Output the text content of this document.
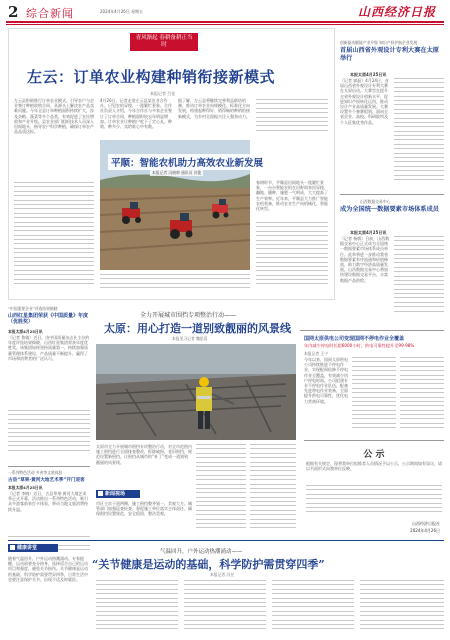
2 综合新闻	2024年4月26日 星期五	山西经济日报
青风渐起 春耕备耕正当时
左云：订单农业构建种销衔接新模式
本报记者 吕佳
左云县积极推行订单农业模式，引导农户与企业签订种植收购合同，从源头上解决农产品卖难问题。今年全县订单种植面积持续扩大，涉及杂粮、蔬菜等多个品类，有效促进了农民增收和产业升级。县农业部门组织技术人员深入田间地头，指导农户科学种植，确保订单农产品品质达标。
4月26日，记者走进左云县某农业合作社，只见农机穿梭，一派繁忙景象。合作社负责人介绍，今年合作社与多家企业签订了订单合同，种植面积较去年明显增加。订单农业让种植户吃下了定心丸，种啥、种多少、卖给谁心中有数。
据了解，左云县将继续完善利益联结机制，推动订单农业向规模化、标准化方向发展，构建起种得好、销得畅的种销衔接新模式，为乡村全面振兴注入强劲动力。
平顺：智能农机助力高效农业新发展
本报记者 冯晓帅 通讯员 苏俊
春耕时节，平顺县田间地头一派繁忙景象，一台台智能农机在田野间来回穿梭，翻地、播种、施肥一气呵成，大大提高了生产效率。近年来，平顺县大力推广智能农机装备，推动农业生产向机械化、智能化转型。
创新驱动赋能产业升级 知识产权护航企业发展
首届山西省外观设计专利大赛在太原举行
本报太原4月25日讯
（记者 郭晶）4月24日，首届山西省外观设计专利大赛在太原启动。大赛旨在提升全省外观设计创新水平，促进知识产权转化运用，推动设计产业高质量发展。大赛设置多个参赛组别，面向全省企业、高校、科研院所及个人征集优秀作品。
山西数据交易中心
成为全国统一数据要素市场体系成员
本报太原4月25日讯
（记者 杨敏）日前，山西数据交易中心正式成为全国统一数据要素市场体系成员单位。此举将进一步推动我省数据要素有序流通和价值释放，助力数字经济高质量发展。山西数据交易中心将加快建设数据交易平台，丰富数据产品供给。
国网太原供电公司变现国网不停电作业全覆盖
年内减少停电时长超6000小时，供电可靠性提升至99.98%
本报记者 王宁
今年以来，国网太原供电公司持续推进不停电作业，实现配网检修不停电作业全覆盖，有效减少用户停电时间。公司组建专业不停电作业队伍，配备先进带电作业装备，全面提升供电可靠性，优化电力营商环境。
“中国重要企业”评选结果揭晓
山西红星集团荣获《中国质量》年度（优胜奖）
本报太原4月25日讯
（记者 鲁婧）近日，由中国质量杂志社主办的年度评选结果揭晓，山西红星集团荣获年度优胜奖。该集团始终坚持质量第一，持续加强质量管理体系建设，产品质量不断提升，赢得了市场和消费者的广泛认可。
一系列特色活动 多省李文旅体验
古县“草果·黄河大地艺术季”开门迎客
本报太原4月25日讯
（记者 李晓）近日，古县草果·黄河大地艺术季正式开幕，活动推出一系列特色活动，吸引众多游客前来打卡体验，带动当地文旅消费持续升温。
全力开展城市围挡专项整治行动——
太原：用心打造一道别致靓丽的风景线
本报见习记者 魏思蓉
太原市全力开展城市围挡专项整治行动，对全市范围内施工围挡进行全面排查整改，拆除破损、老旧围挡，规范设置新围挡，让围挡从城市的“补丁”变成一道别致靓丽的风景线。
新闻视场
市区主次干道两侧，施工围挡整齐划一，美观大方。城管部门加强巡查检查，督促施工单位落实主体责任，确保围挡设置规范、安全稳固、整洁美观。
公 示
根据有关规定，现将我单位拟推荐人员情况予以公示，公示期间如有异议，请以书面形式向我单位反映。
山西经济日报社
2024年4月26日
健康讲堂
气温回升，户外运动热潮涌动——
“关节健康是运动的基础，科学防护需贯穿四季”
本报记者 冯昱
随着气温回升，户外运动热潮涌动。专家提醒，运动前要充分热身，选择适合自己的运动项目和强度，避免关节损伤。关节健康是运动的基础，科学防护需要贯穿四季，日常生活中也要注意保护关节，出现不适及时就医。
